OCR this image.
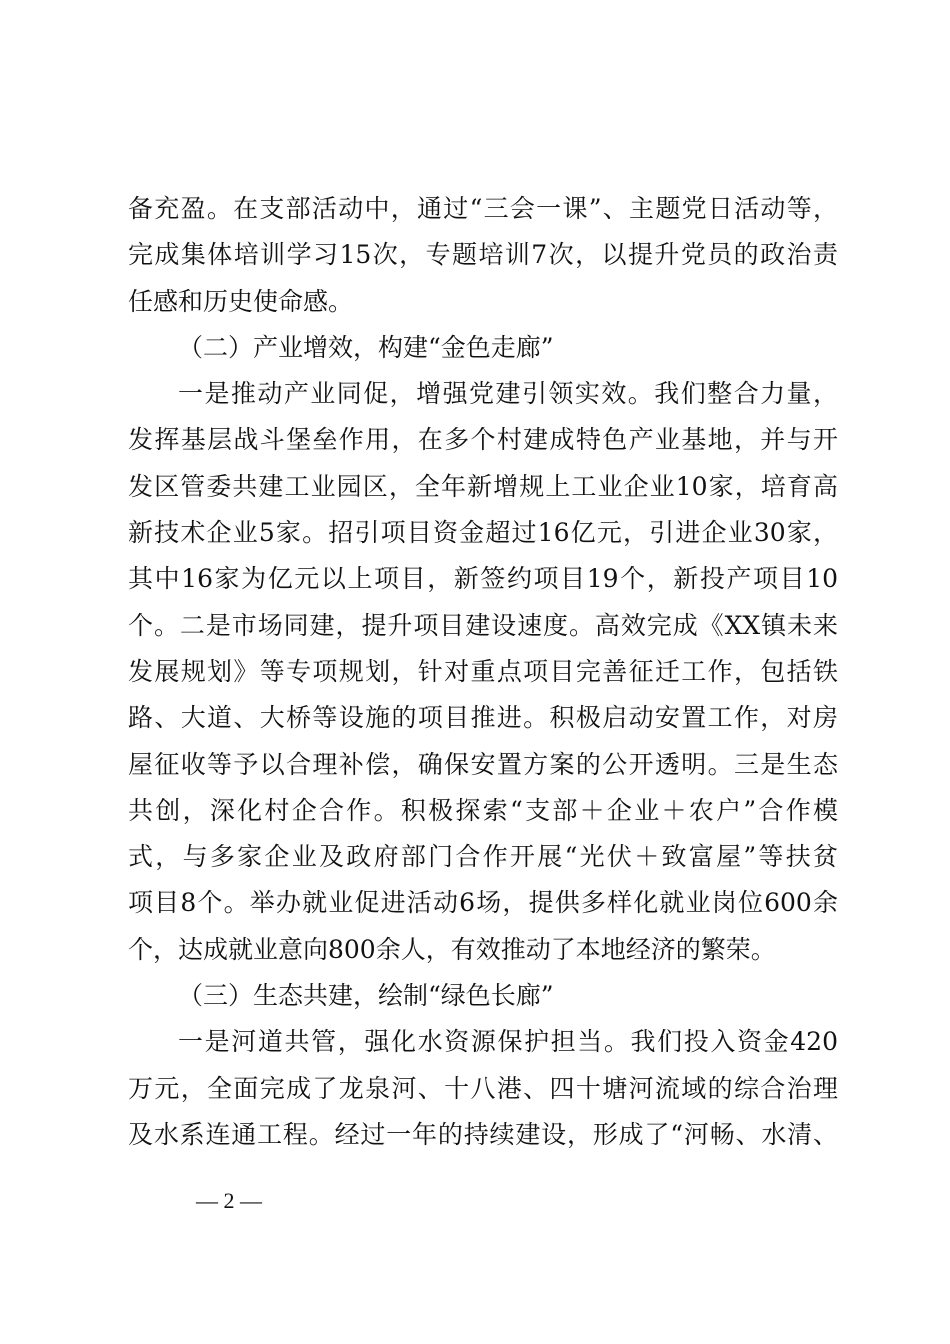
备充盈。在支部活动中，通过“三会一课”、主题党日活动等，
完成集体培训学习15次，专题培训7次，以提升党员的政治责
任感和历史使命感。
（二）产业增效，构建“金色走廊”
一是推动产业同促，增强党建引领实效。我们整合力量，
发挥基层战斗堡垒作用，在多个村建成特色产业基地，并与开
发区管委共建工业园区，全年新增规上工业企业10家，培育高
新技术企业5家。招引项目资金超过16亿元，引进企业30家，
其中16家为亿元以上项目，新签约项目19个，新投产项目10
个。二是市场同建，提升项目建设速度。高效完成《XX镇未来
发展规划》等专项规划，针对重点项目完善征迁工作，包括铁
路、大道、大桥等设施的项目推进。积极启动安置工作，对房
屋征收等予以合理补偿，确保安置方案的公开透明。三是生态
共创，深化村企合作。积极探索“支部＋企业＋农户”合作模
式，与多家企业及政府部门合作开展“光伏＋致富屋”等扶贫
项目8个。举办就业促进活动6场，提供多样化就业岗位600余
个，达成就业意向800余人，有效推动了本地经济的繁荣。
（三）生态共建，绘制“绿色长廊”
一是河道共管，强化水资源保护担当。我们投入资金420
万元，全面完成了龙泉河、十八港、四十塘河流域的综合治理
及水系连通工程。经过一年的持续建设，形成了“河畅、水清、
— 2 —
